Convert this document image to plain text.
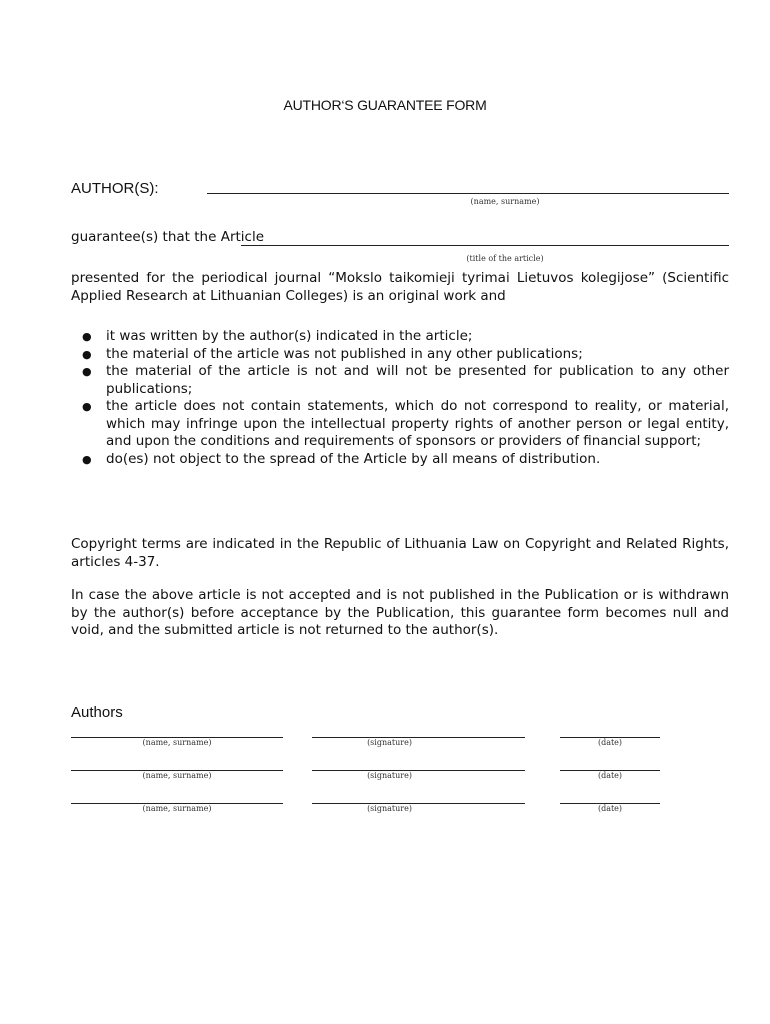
AUTHOR‘S GUARANTEE FORM
AUTHOR(S):
(name, surname)
guarantee(s) that the Article
(title of the article)
presented for the periodical journal “Mokslo taikomieji tyrimai Lietuvos kolegijose” (Scientific Applied Research at Lithuanian Colleges) is an original work and
● it was written by the author(s) indicated in the article;
● the material of the article was not published in any other publications;
● the material of the article is not and will not be presented for publication to any other publications;
● the article does not contain statements, which do not correspond to reality, or material, which may infringe upon the intellectual property rights of another person or legal entity, and upon the conditions and requirements of sponsors or providers of financial support;
● do(es) not object to the spread of the Article by all means of distribution.
Copyright terms are indicated in the Republic of Lithuania Law on Copyright and Related Rights, articles 4-37.
In case the above article is not accepted and is not published in the Publication or is withdrawn by the author(s) before acceptance by the Publication, this guarantee form becomes null and void, and the submitted article is not returned to the author(s).
Authors
(name, surname)	(signature)	(date)
(name, surname)	(signature)	(date)
(name, surname)	(signature)	(date)
